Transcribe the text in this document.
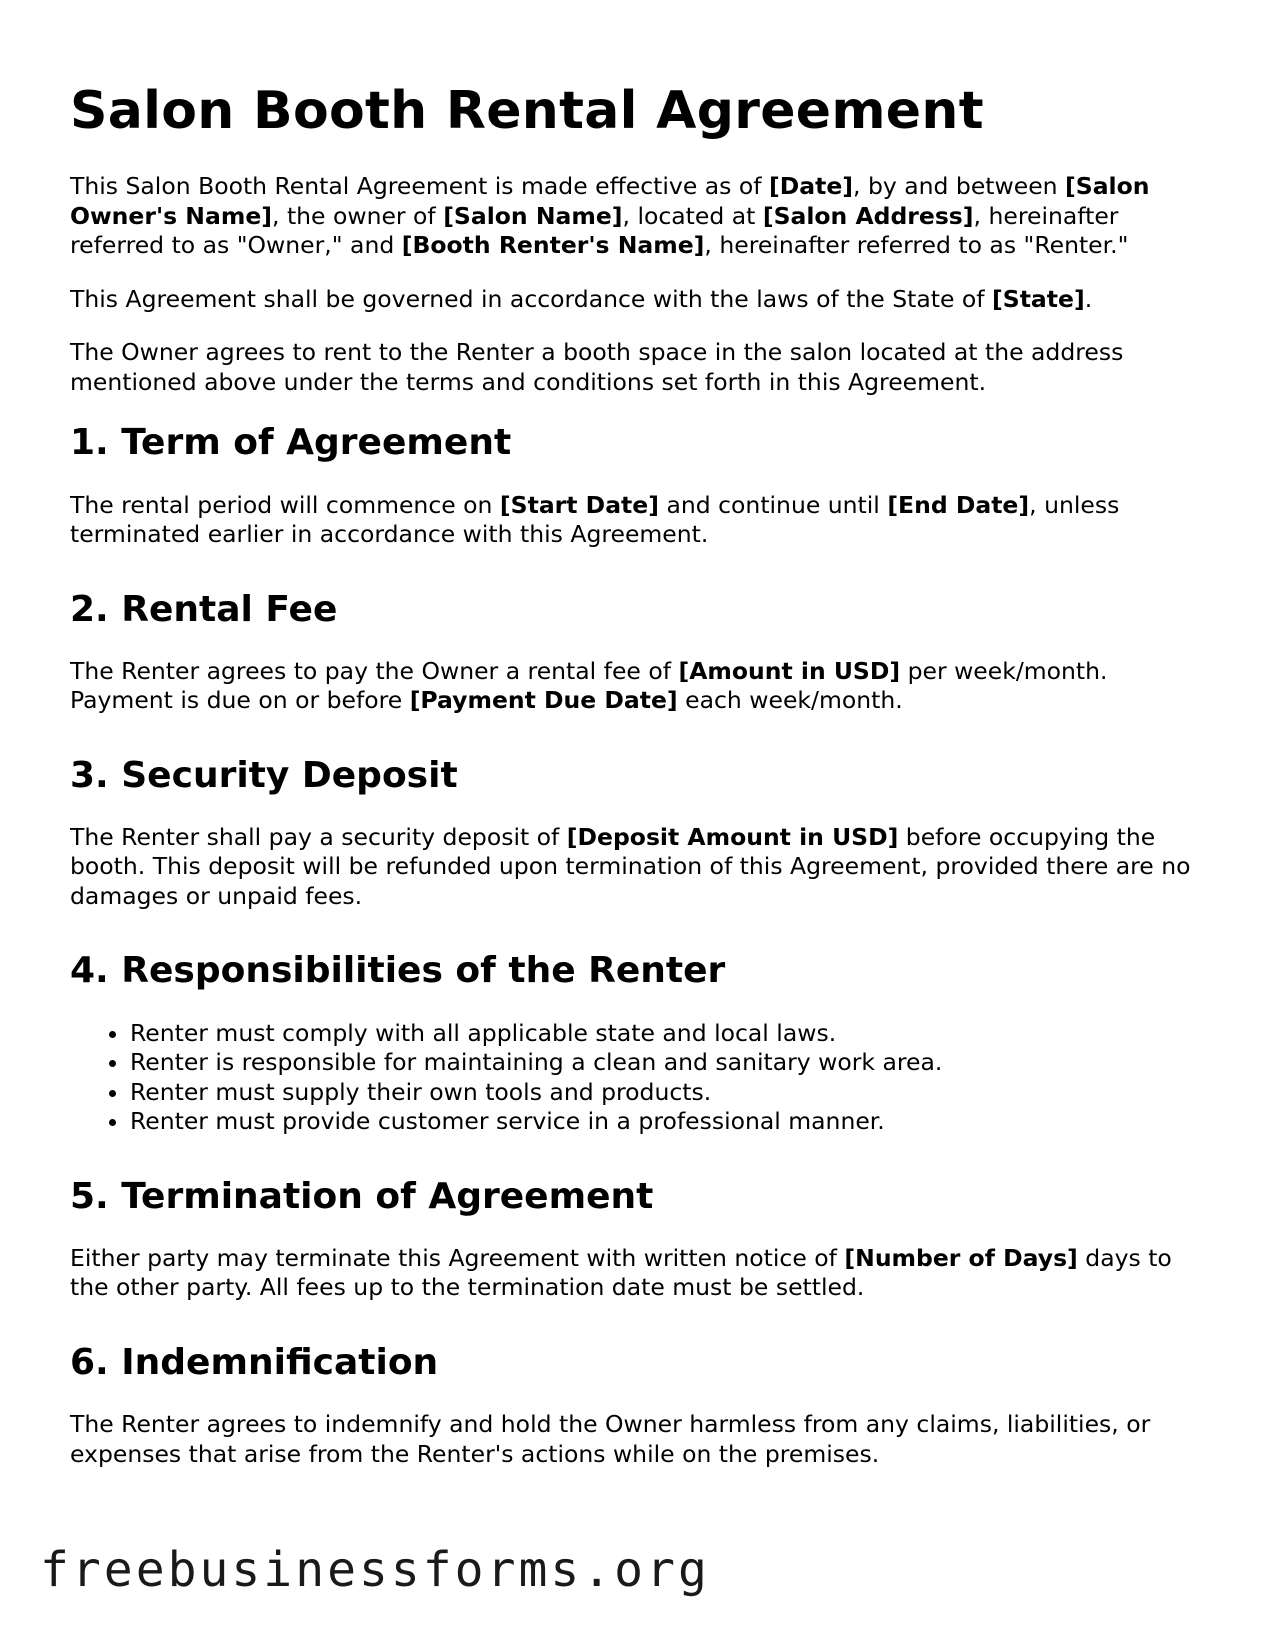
Salon Booth Rental Agreement

This Salon Booth Rental Agreement is made effective as of [Date], by and between [Salon Owner's Name], the owner of [Salon Name], located at [Salon Address], hereinafter referred to as "Owner," and [Booth Renter's Name], hereinafter referred to as "Renter."

This Agreement shall be governed in accordance with the laws of the State of [State].

The Owner agrees to rent to the Renter a booth space in the salon located at the address mentioned above under the terms and conditions set forth in this Agreement.

1. Term of Agreement

The rental period will commence on [Start Date] and continue until [End Date], unless terminated earlier in accordance with this Agreement.

2. Rental Fee

The Renter agrees to pay the Owner a rental fee of [Amount in USD] per week/month. Payment is due on or before [Payment Due Date] each week/month.

3. Security Deposit

The Renter shall pay a security deposit of [Deposit Amount in USD] before occupying the booth. This deposit will be refunded upon termination of this Agreement, provided there are no damages or unpaid fees.

4. Responsibilities of the Renter
• Renter must comply with all applicable state and local laws.
• Renter is responsible for maintaining a clean and sanitary work area.
• Renter must supply their own tools and products.
• Renter must provide customer service in a professional manner.
5. Termination of Agreement

Either party may terminate this Agreement with written notice of [Number of Days] days to the other party. All fees up to the termination date must be settled.

6. Indemnification

The Renter agrees to indemnify and hold the Owner harmless from any claims, liabilities, or expenses that arise from the Renter's actions while on the premises.

freebusinessforms.org
